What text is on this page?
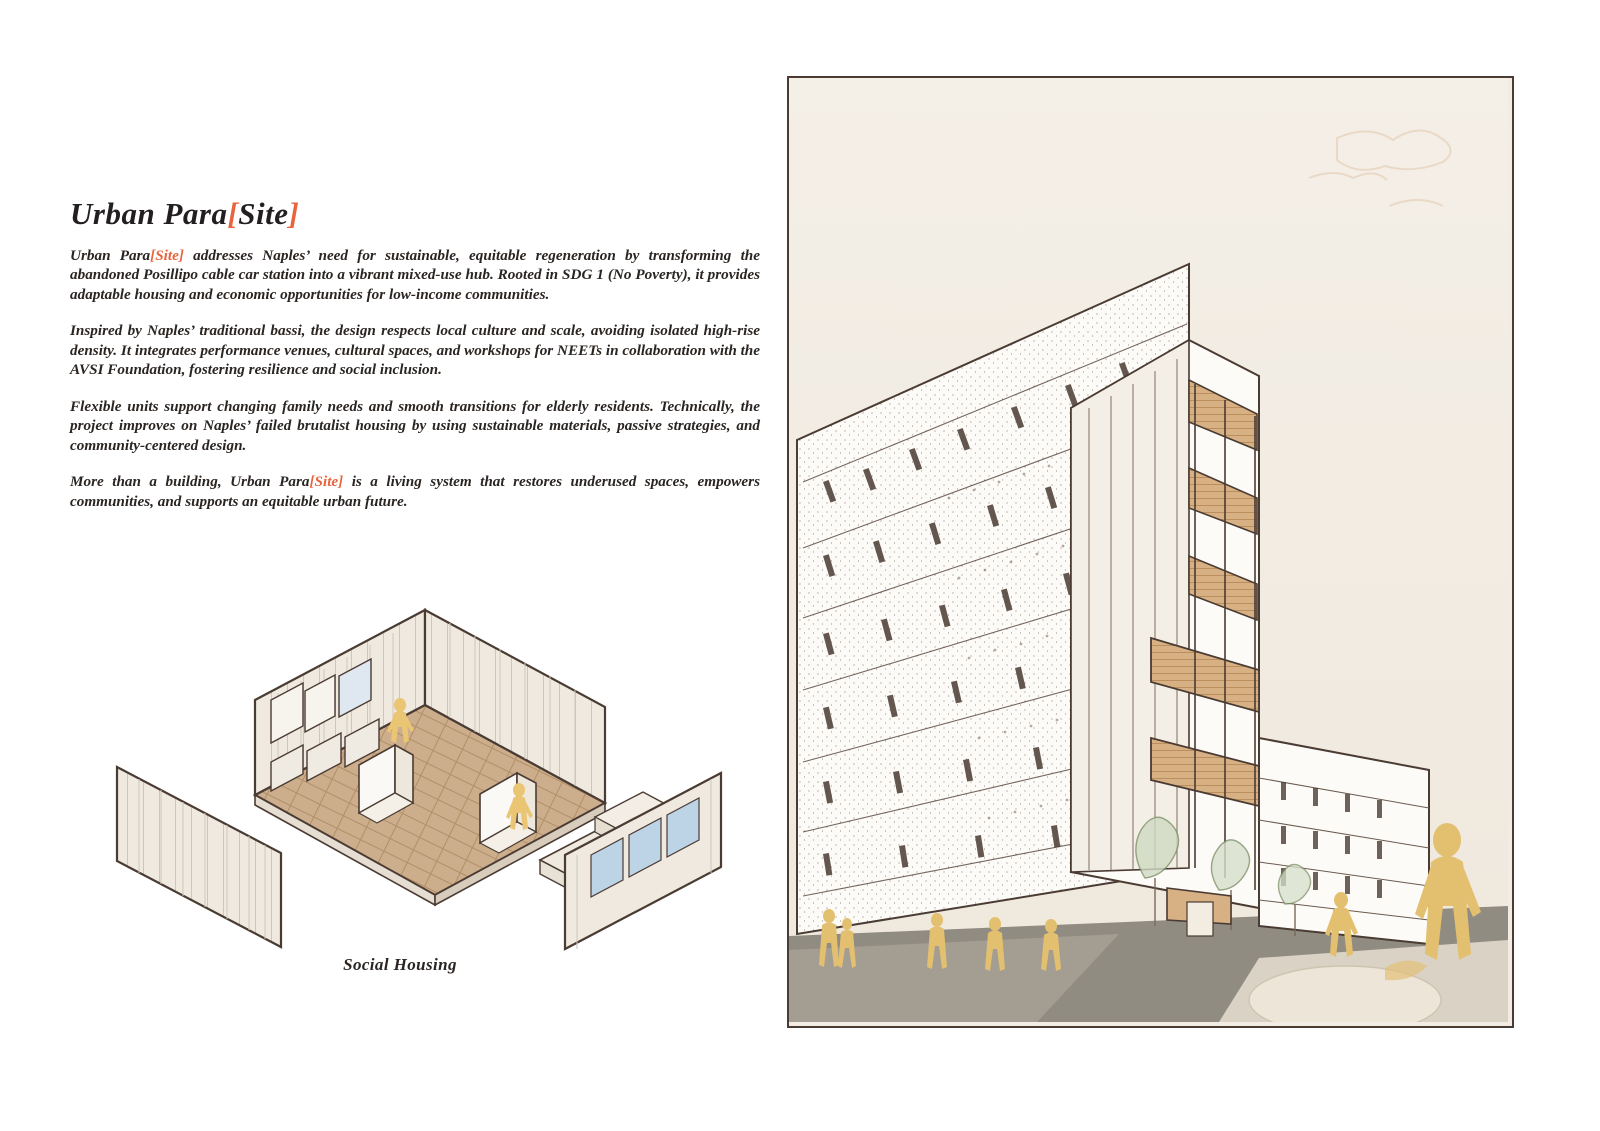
Urban Para[Site]

Urban Para[Site] addresses Naples’ need for sustainable, equitable regeneration by transforming the abandoned Posillipo cable car station into a vibrant mixed-use hub. Rooted in SDG 1 (No Poverty), it provides adaptable housing and economic opportunities for low-income communities.

Inspired by Naples’ traditional bassi, the design respects local culture and scale, avoiding isolated high-rise density. It integrates performance venues, cultural spaces, and workshops for NEETs in collaboration with the AVSI Foundation, fostering resilience and social inclusion.

Flexible units support changing family needs and smooth transitions for elderly residents. Technically, the project improves on Naples’ failed brutalist housing by using sustainable materials, passive strategies, and community-centered design.

More than a building, Urban Para[Site] is a living system that restores underused spaces, empowers communities, and supports an equitable urban future.

Social Housing
